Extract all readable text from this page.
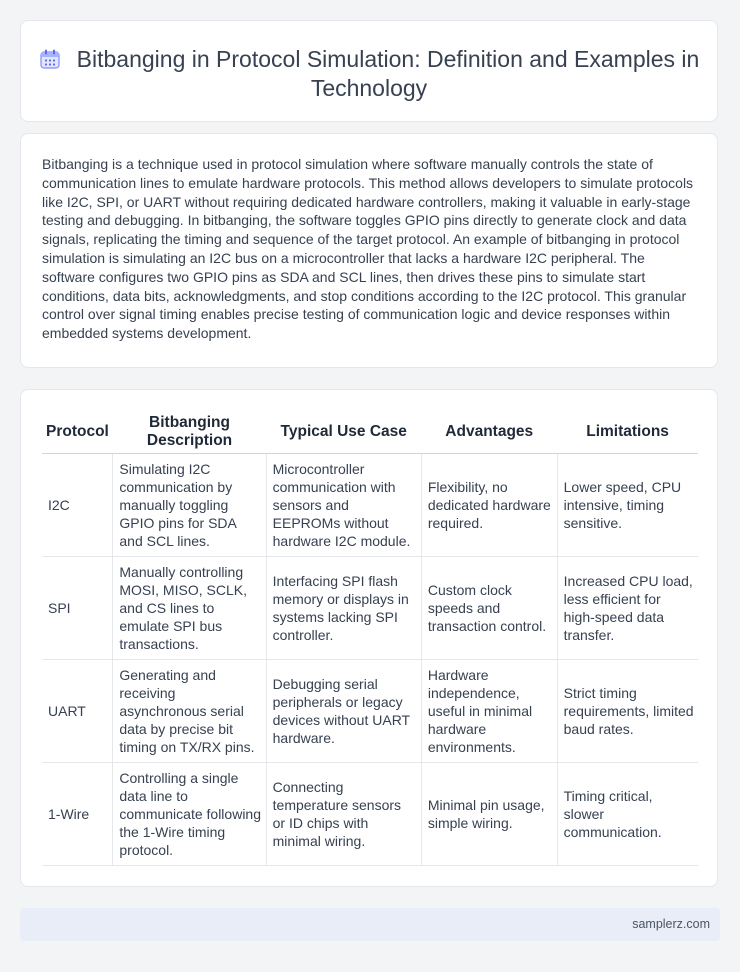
Bitbanging in Protocol Simulation: Definition and Examples in Technology

Bitbanging is a technique used in protocol simulation where software manually controls the state of communication lines to emulate hardware protocols. This method allows developers to simulate protocols like I2C, SPI, or UART without requiring dedicated hardware controllers, making it valuable in early-stage testing and debugging. In bitbanging, the software toggles GPIO pins directly to generate clock and data signals, replicating the timing and sequence of the target protocol. An example of bitbanging in protocol simulation is simulating an I2C bus on a microcontroller that lacks a hardware I2C peripheral. The software configures two GPIO pins as SDA and SCL lines, then drives these pins to simulate start conditions, data bits, acknowledgments, and stop conditions according to the I2C protocol. This granular control over signal timing enables precise testing of communication logic and device responses within embedded systems development.

Protocol	Bitbanging Description	Typical Use Case	Advantages	Limitations
I2C	Simulating I2C communication by manually toggling GPIO pins for SDA and SCL lines.	Microcontroller communication with sensors and EEPROMs without hardware I2C module.	Flexibility, no dedicated hardware required.	Lower speed, CPU intensive, timing sensitive.
SPI	Manually controlling MOSI, MISO, SCLK, and CS lines to emulate SPI bus transactions.	Interfacing SPI flash memory or displays in systems lacking SPI controller.	Custom clock speeds and transaction control.	Increased CPU load, less efficient for high-speed data transfer.
UART	Generating and receiving asynchronous serial data by precise bit timing on TX/RX pins.	Debugging serial peripherals or legacy devices without UART hardware.	Hardware independence, useful in minimal hardware environments.	Strict timing requirements, limited baud rates.
1-Wire	Controlling a single data line to communicate following the 1-Wire timing protocol.	Connecting temperature sensors or ID chips with minimal wiring.	Minimal pin usage, simple wiring.	Timing critical, slower communication.
samplerz.com
